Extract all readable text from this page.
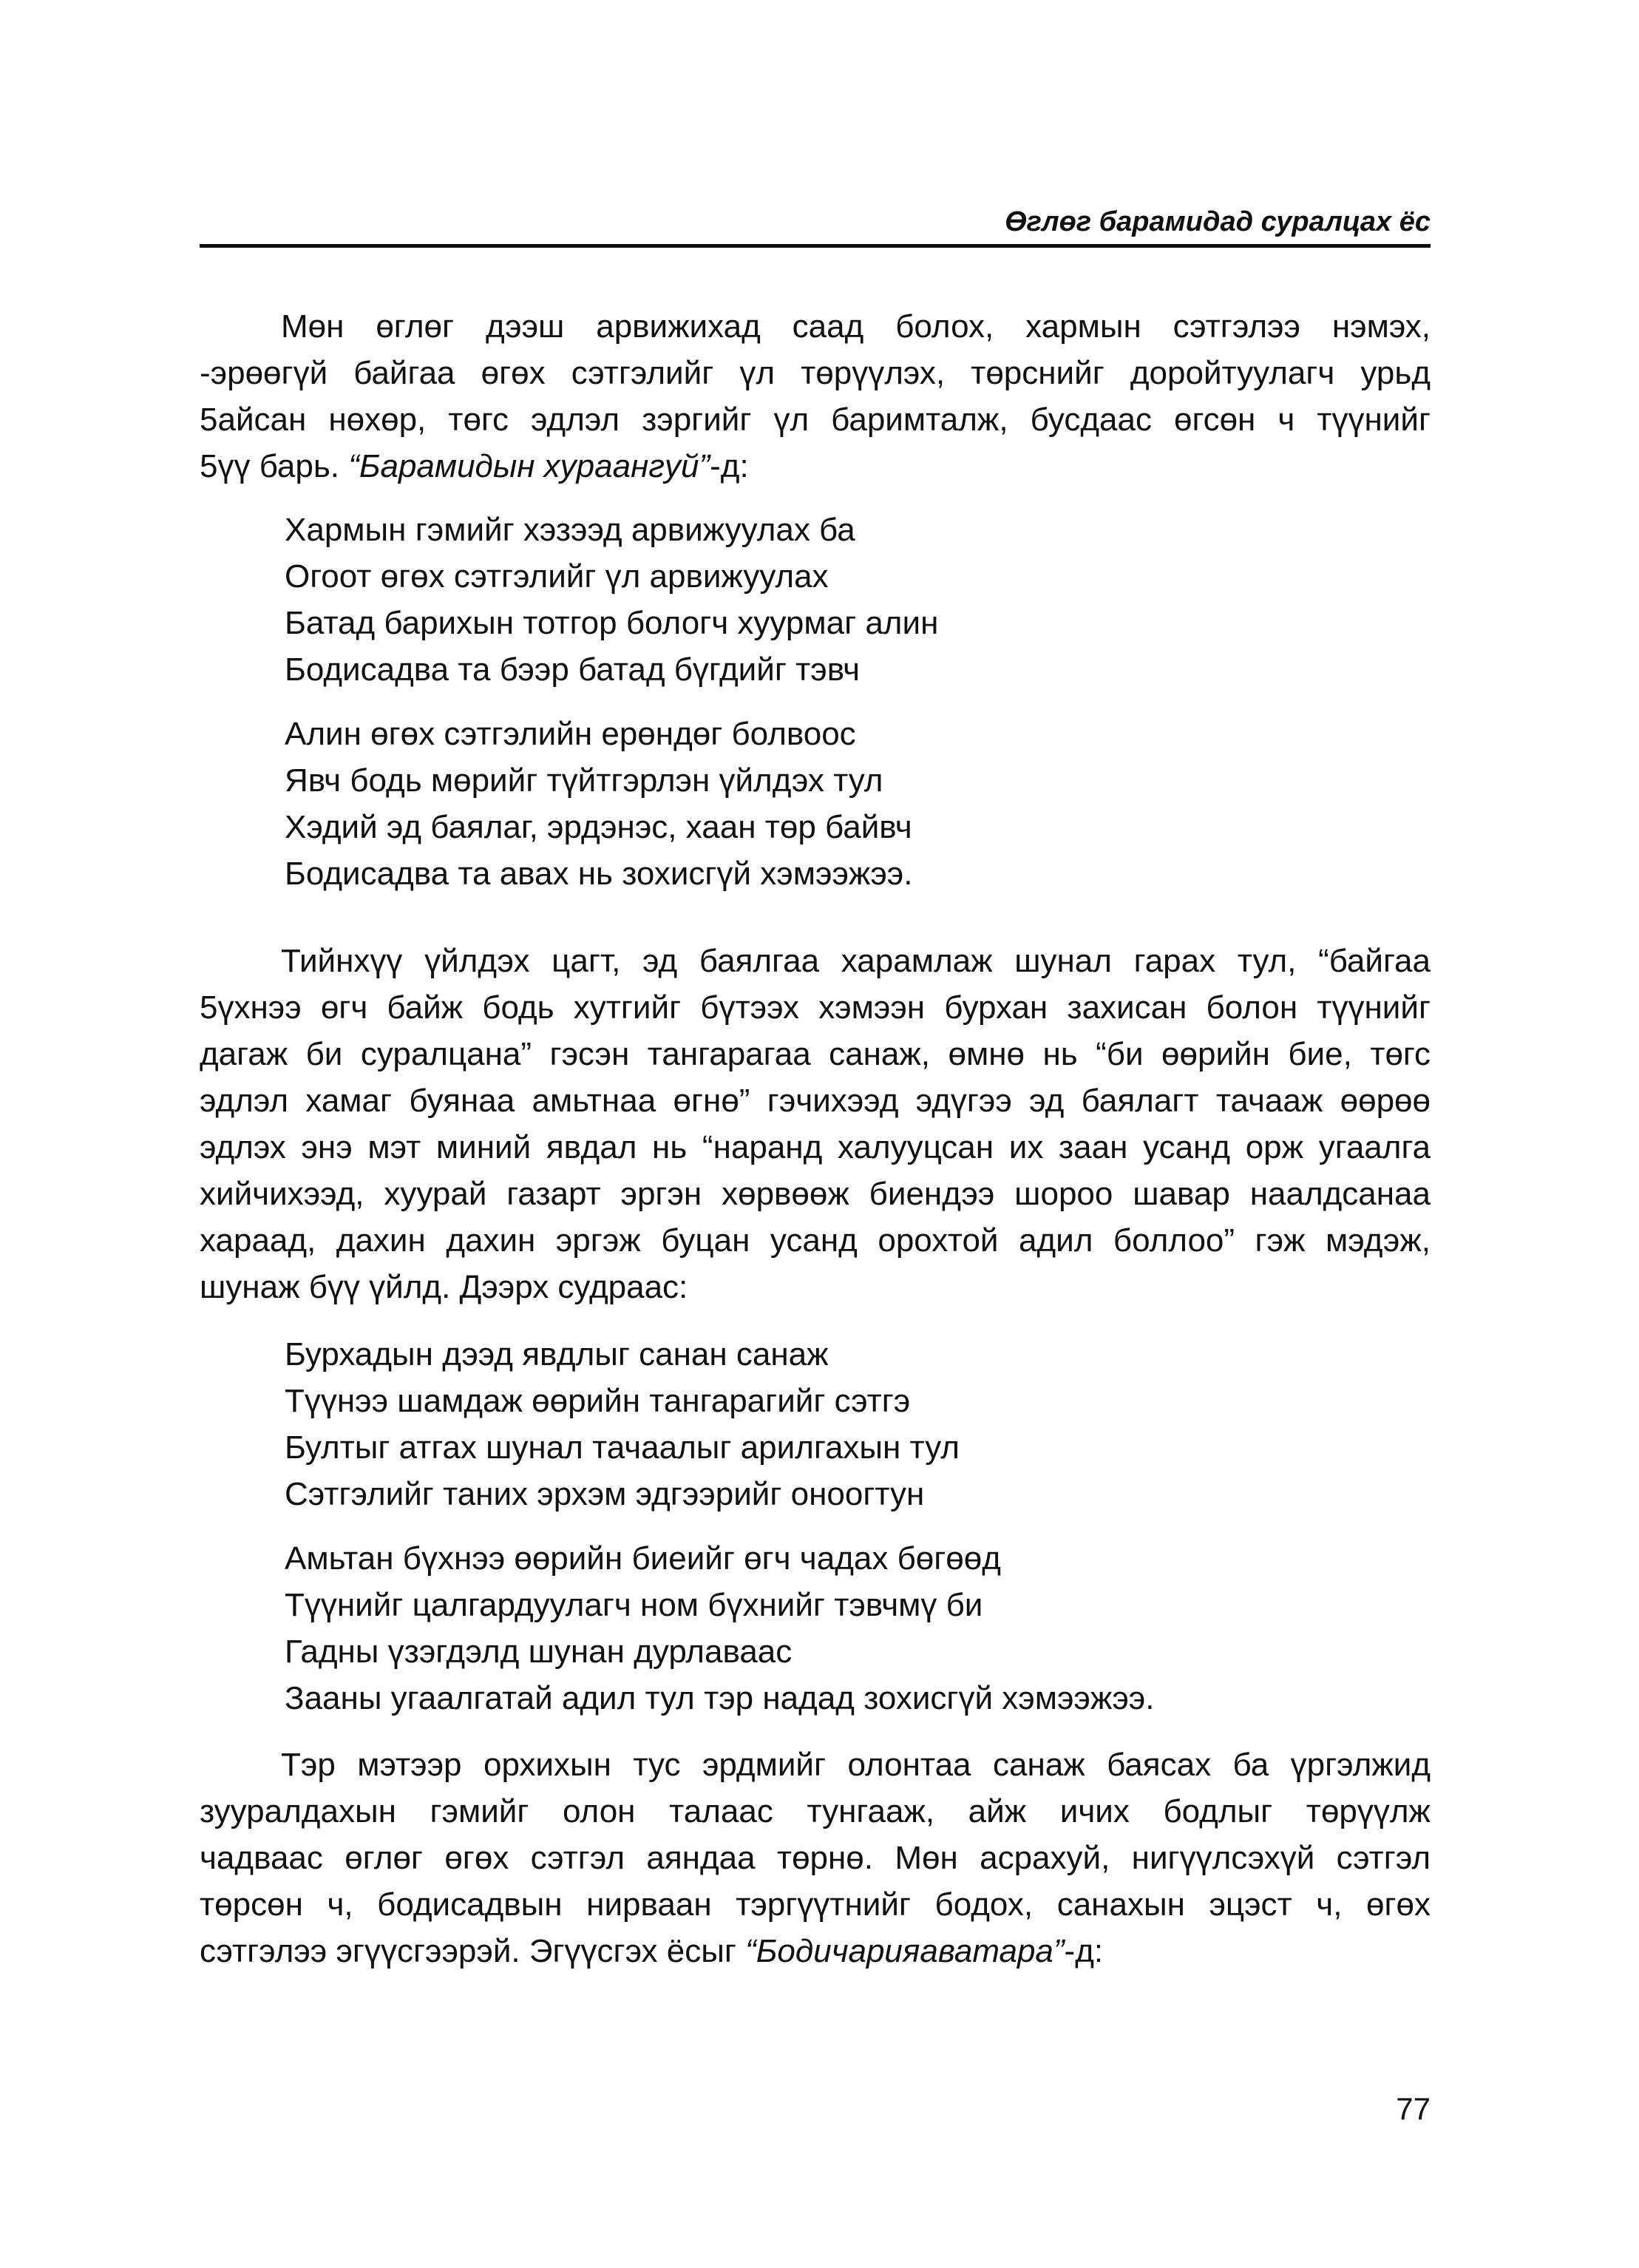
Өглөг барамидад суралцах ёс
Мөн өглөг дээш арвижихад саад болох, хармын сэтгэлээ нэмэх,
-эрөөгүй байгаа өгөх сэтгэлийг үл төрүүлэх, төрснийг доройтуулагч урьд
5айсан нөхөр, төгс эдлэл зэргийг үл баримталж, бусдаас өгсөн ч түүнийг
5үү барь. “Барамидын хураангуй”-д:
Хармын гэмийг хэзээд арвижуулах ба
Огоот өгөх сэтгэлийг үл арвижуулах
Батад барихын тотгор бологч хуурмаг алин
Бодисадва та бээр батад бүгдийг тэвч
Алин өгөх сэтгэлийн ерөндөг болвоос
Явч бодь мөрийг түйтгэрлэн үйлдэх тул
Хэдий эд баялаг, эрдэнэс, хаан төр байвч
Бодисадва та авах нь зохисгүй хэмээжээ.
Тийнхүү үйлдэх цагт, эд баялгаа харамлаж шунал гарах тул, “байгаа
5үхнээ өгч байж бодь хутгийг бүтээх хэмээн бурхан захисан болон түүнийг
дагаж би суралцана” гэсэн тангарагаа санаж, өмнө нь “би өөрийн бие, төгс
эдлэл хамаг буянаа амьтнаа өгнө” гэчихээд эдүгээ эд баялагт тачааж өөрөө
эдлэх энэ мэт миний явдал нь “наранд халууцсан их заан усанд орж угаалга
хийчихээд, хуурай газарт эргэн хөрвөөж биендээ шороо шавар наалдсанаа
хараад, дахин дахин эргэж буцан усанд орохтой адил боллоо” гэж мэдэж,
шунаж бүү үйлд. Дээрх судраас:
Бурхадын дээд явдлыг санан санаж
Түүнээ шамдаж өөрийн тангарагийг сэтгэ
Бултыг атгах шунал тачаалыг арилгахын тул
Сэтгэлийг таних эрхэм эдгээрийг оноогтун
Амьтан бүхнээ өөрийн биеийг өгч чадах бөгөөд
Түүнийг цалгардуулагч ном бүхнийг тэвчмү би
Гадны үзэгдэлд шунан дурлаваас
Зааны угаалгатай адил тул тэр надад зохисгүй хэмээжээ.
Тэр мэтээр орхихын тус эрдмийг олонтаа санаж баясах ба үргэлжид
зууралдахын гэмийг олон талаас тунгааж, айж ичих бодлыг төрүүлж
чадваас өглөг өгөх сэтгэл аяндаа төрнө. Мөн асрахуй, нигүүлсэхүй сэтгэл
төрсөн ч, бодисадвын нирваан тэргүүтнийг бодох, санахын эцэст ч, өгөх
сэтгэлээ эгүүсгээрэй. Эгүүсгэх ёсыг “Бодичарияаватара”-д:
77
